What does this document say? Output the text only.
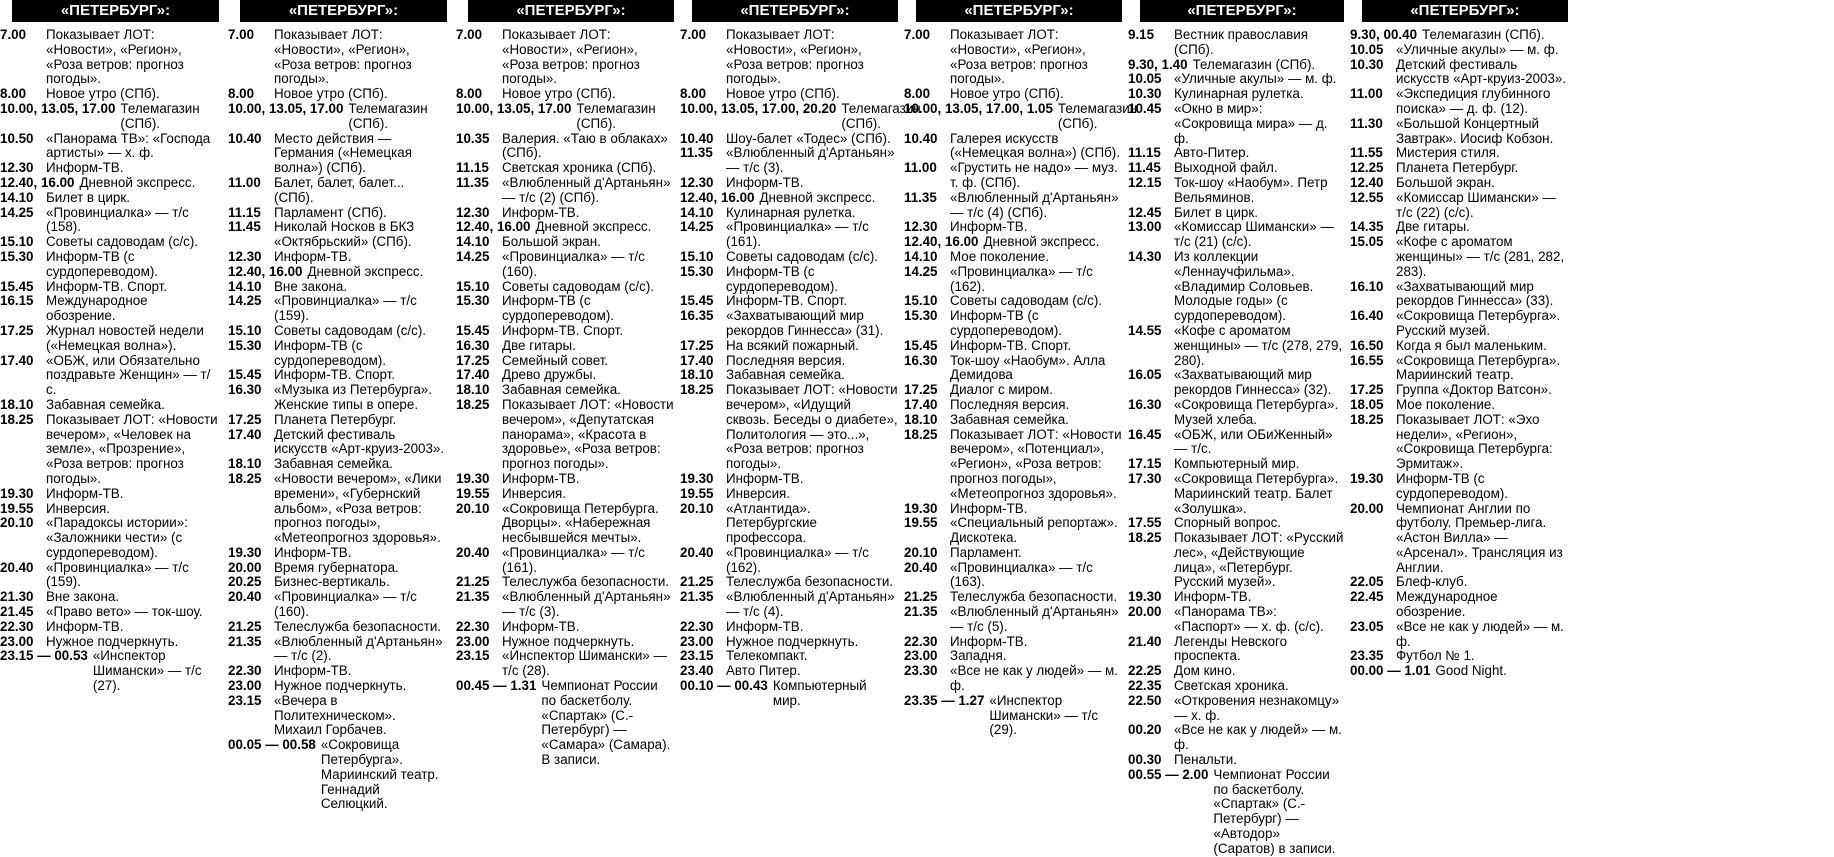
«ПЕТЕРБУРГ»:
7.00	Показывает ЛОТ: «Новости», «Регион», «Роза ветров: прогноз погоды».
8.00	Новое утро (СПб).
10.00, 13.05, 17.00 Телемагазин (СПб).
10.50 «Панорама ТВ»: «Господа артисты» — х. ф.
12.30 Информ-ТВ.
12.40, 16.00 Дневной экспресс.
14.10 Билет в цирк.
14.25 «Провинциалка» — т/с (158).
15.10 Советы садоводам (с/с).
15.30 Информ-ТВ (с сурдопереводом).
15.45 Информ-ТВ. Спорт.
16.15 Международное обозрение.
17.25 Журнал новостей недели («Немецкая волна»).
17.40 «ОБЖ, или Обязательно поздравьте Женщин» — т/с.
18.10 Забавная семейка.
18.25 Показывает ЛОТ: «Новости вечером», «Человек на земле», «Прозрение», «Роза ветров: прогноз погоды».
19.30 Информ-ТВ.
19.55 Инверсия.
20.10 «Парадоксы истории»: «Заложники чести» (с сурдопереводом).
20.40 «Провинциалка» — т/с (159).
21.30 Вне закона.
21.45 «Право вето» — ток-шоу.
22.30 Информ-ТВ.
23.00 Нужное подчеркнуть.
23.15 — 00.53 «Инспектор Шимански» — т/с (27).
«ПЕТЕРБУРГ»:
7.00	Показывает ЛОТ: «Новости», «Регион», «Роза ветров: прогноз погоды».
8.00	Новое утро (СПб).
10.00, 13.05, 17.00 Телемагазин (СПб).
10.40 Место действия — Германия («Немецкая волна») (СПб).
11.00 Балет, балет, балет... (СПб).
11.15 Парламент (СПб).
11.45 Николай Носков в БКЗ «Октябрьский» (СПб).
12.30 Информ-ТВ.
12.40, 16.00 Дневной экспресс.
14.10 Вне закона.
14.25 «Провинциалка» — т/с (159).
15.10 Советы садоводам (с/с).
15.30 Информ-ТВ (с сурдопереводом).
15.45 Информ-ТВ. Спорт.
16.30 «Музыка из Петербурга». Женские типы в опере.
17.25 Планета Петербург.
17.40 Детский фестиваль искусств «Арт-круиз-2003».
18.10 Забавная семейка.
18.25 «Новости вечером», «Лики времени», «Губернский альбом», «Роза ветров: прогноз погоды», «Метеопрогноз здоровья».
19.30 Информ-ТВ.
20.00 Время губернатора.
20.25 Бизнес-вертикаль.
20.40 «Провинциалка» — т/с (160).
21.25 Телеслужба безопасности.
21.35 «Влюбленный д'Артаньян» — т/с (2).
22.30 Информ-ТВ.
23.00 Нужное подчеркнуть.
23.15 «Вечера в Политехническом». Михаил Горбачев.
00.05 — 00.58 «Сокровища Петербурга». Мариинский театр. Геннадий Селюцкий.
«ПЕТЕРБУРГ»:
7.00	Показывает ЛОТ: «Новости», «Регион», «Роза ветров: прогноз погоды».
8.00	Новое утро (СПб).
10.00, 13.05, 17.00 Телемагазин (СПб).
10.35 Валерия. «Таю в облаках» (СПб).
11.15 Светская хроника (СПб).
11.35 «Влюбленный д'Артаньян» — т/с (2) (СПб).
12.30 Информ-ТВ.
12.40, 16.00 Дневной экспресс.
14.10 Большой экран.
14.25 «Провинциалка» — т/с (160).
15.10 Советы садоводам (с/с).
15.30 Информ-ТВ (с сурдопереводом).
15.45 Информ-ТВ. Спорт.
16.30 Две гитары.
17.25 Семейный совет.
17.40 Древо дружбы.
18.10 Забавная семейка.
18.25 Показывает ЛОТ: «Новости вечером», «Депутатская панорама», «Красота в здоровье», «Роза ветров: прогноз погоды».
19.30 Информ-ТВ.
19.55 Инверсия.
20.10 «Сокровища Петербурга. Дворцы». «Набережная несбывшейся мечты».
20.40 «Провинциалка» — т/с (161).
21.25 Телеслужба безопасности.
21.35 «Влюбленный д'Артаньян» — т/с (3).
22.30 Информ-ТВ.
23.00 Нужное подчеркнуть.
23.15 «Инспектор Шимански» — т/с (28).
00.45 — 1.31 Чемпионат России по баскетболу. «Спартак» (С.-Петербург) — «Самара» (Самара). В записи.
«ПЕТЕРБУРГ»:
7.00	Показывает ЛОТ: «Новости», «Регион», «Роза ветров: прогноз погоды».
8.00	Новое утро (СПб).
10.00, 13.05, 17.00, 20.20 Телемагазин (СПб).
10.40 Шоу-балет «Тодес» (СПб).
11.35 «Влюбленный д'Артаньян» — т/с (3).
12.30 Информ-ТВ.
12.40, 16.00 Дневной экспресс.
14.10 Кулинарная рулетка.
14.25 «Провинциалка» — т/с (161).
15.10 Советы садоводам (с/с).
15.30 Информ-ТВ (с сурдопереводом).
15.45 Информ-ТВ. Спорт.
16.35 «Захватывающий мир рекордов Гиннесса» (31).
17.25 На всякий пожарный.
17.40 Последняя версия.
18.10 Забавная семейка.
18.25 Показывает ЛОТ: «Новости вечером», «Идущий сквозь. Беседы о диабете», Политология — это...», «Роза ветров: прогноз погоды».
19.30 Информ-ТВ.
19.55 Инверсия.
20.10 «Атлантида». Петербургские профессора.
20.40 «Провинциалка» — т/с (162).
21.25 Телеслужба безопасности.
21.35 «Влюбленный д'Артаньян» — т/с (4).
22.30 Информ-ТВ.
23.00 Нужное подчеркнуть.
23.15 Телекомпакт.
23.40 Авто Питер.
00.10 — 00.43 Компьютерный мир.
«ПЕТЕРБУРГ»:
7.00	Показывает ЛОТ: «Новости», «Регион», «Роза ветров: прогноз погоды».
8.00	Новое утро (СПб).
10.00, 13.05, 17.00, 1.05 Телемагазин (СПб).
10.40 Галерея искусств («Немецкая волна») (СПб).
11.00 «Грустить не надо» — муз. т. ф. (СПб).
11.35 «Влюбленный д'Артаньян» — т/с (4) (СПб).
12.30 Информ-ТВ.
12.40, 16.00 Дневной экспресс.
14.10 Мое поколение.
14.25 «Провинциалка» — т/с (162).
15.10 Советы садоводам (с/с).
15.30 Информ-ТВ (с сурдопереводом).
15.45 Информ-ТВ. Спорт.
16.30 Ток-шоу «Наобум». Алла Демидова
17.25 Диалог с миром.
17.40 Последняя версия.
18.10 Забавная семейка.
18.25 Показывает ЛОТ: «Новости вечером», «Потенциал», «Регион», «Роза ветров: прогноз погоды», «Метеопрогноз здоровья».
19.30 Информ-ТВ.
19.55 «Специальный репортаж». Дискотека.
20.10 Парламент.
20.40 «Провинциалка» — т/с (163).
21.25 Телеслужба безопасности.
21.35 «Влюбленный д'Артаньян» — т/с (5).
22.30 Информ-ТВ.
23.00 Западня.
23.30 «Все не как у людей» — м. ф.
23.35 — 1.27 «Инспектор Шимански» — т/с (29).
«ПЕТЕРБУРГ»:
9.15	Вестник православия (СПб).
9.30, 1.40 Телемагазин (СПб).
10.05 «Уличные акулы» — м. ф.
10.30 Кулинарная рулетка.
10.45 «Окно в мир»: «Сокровища мира» — д. ф.
11.15 Авто-Питер.
11.45 Выходной файл.
12.15 Ток-шоу «Наобум». Петр Вельяминов.
12.45 Билет в цирк.
13.00 «Комиссар Шимански» — т/с (21) (с/с).
14.30 Из коллекции «Леннаучфильма». «Владимир Соловьев. Молодые годы» (с сурдопереводом).
14.55 «Кофе с ароматом женщины» — т/с (278, 279, 280).
16.05 «Захватывающий мир рекордов Гиннесса» (32).
16.30 «Сокровища Петербурга». Музей хлеба.
16.45 «ОБЖ, или ОБиЖенный» — т/с.
17.15 Компьютерный мир.
17.30 «Сокровища Петербурга». Мариинский театр. Балет «Золушка».
17.55 Спорный вопрос.
18.25 Показывает ЛОТ: «Русский лес», «Действующие лица», «Петербург. Русский музей».
19.30 Информ-ТВ.
20.00 «Панорама ТВ»: «Паспорт» — х. ф. (с/с).
21.40 Легенды Невского проспекта.
22.25 Дом кино.
22.35 Светская хроника.
22.50 «Откровения незнакомцу» — х. ф.
00.20 «Все не как у людей» — м. ф.
00.30 Пенальти.
00.55 — 2.00 Чемпионат России по баскетболу. «Спартак» (С.-Петербург) — «Автодор» (Саратов) в записи.
«ПЕТЕРБУРГ»:
9.30, 00.40 Телемагазин (СПб).
10.05 «Уличные акулы» — м. ф.
10.30 Детский фестиваль искусств «Арт-круиз-2003».
11.00 «Экспедиция глубинного поиска» — д. ф. (12).
11.30 «Большой Концертный Завтрак». Иосиф Кобзон.
11.55 Мистерия стиля.
12.25 Планета Петербург.
12.40 Большой экран.
12.55 «Комиссар Шимански» — т/с (22) (с/с).
14.35 Две гитары.
15.05 «Кофе с ароматом женщины» — т/с (281, 282, 283).
16.10 «Захватывающий мир рекордов Гиннесса» (33).
16.40 «Сокровища Петербурга». Русский музей.
16.50 Когда я был маленьким.
16.55 «Сокровища Петербурга». Мариинский театр.
17.25 Группа «Доктор Ватсон».
18.05 Мое поколение.
18.25 Показывает ЛОТ: «Эхо недели», «Регион», «Сокровища Петербурга: Эрмитаж».
19.30 Информ-ТВ (с сурдопереводом).
20.00 Чемпионат Англии по футболу. Премьер-лига. «Астон Вилла» — «Арсенал». Трансляция из Англии.
22.05 Блеф-клуб.
22.45 Международное обозрение.
23.05 «Все не как у людей» — м. ф.
23.35 Футбол № 1.
00.00 — 1.01 Good Night.
